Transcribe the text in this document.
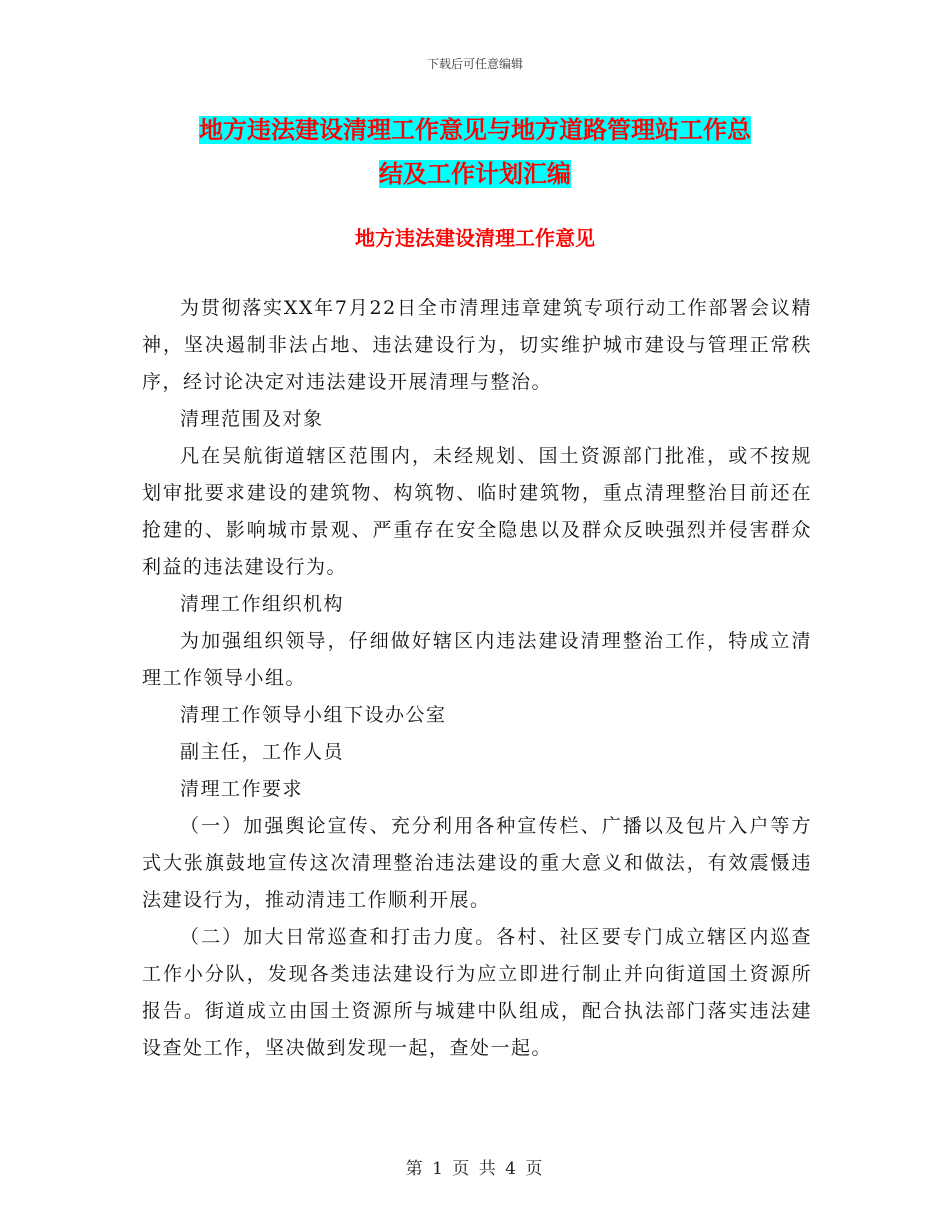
下载后可任意编辑
地方违法建设清理工作意见与地方道路管理站工作总
结及工作计划汇编
地方违法建设清理工作意见

为贯彻落实XX年7月22日全市清理违章建筑专项行动工作部署会议精神，坚决遏制非法占地、违法建设行为，切实维护城市建设与管理正常秩序，经讨论决定对违法建设开展清理与整治。

清理范围及对象

凡在吴航街道辖区范围内，未经规划、国土资源部门批准，或不按规划审批要求建设的建筑物、构筑物、临时建筑物，重点清理整治目前还在抢建的、影响城市景观、严重存在安全隐患以及群众反映强烈并侵害群众利益的违法建设行为。

清理工作组织机构

为加强组织领导，仔细做好辖区内违法建设清理整治工作，特成立清理工作领导小组。

清理工作领导小组下设办公室

副主任，工作人员

清理工作要求

（一）加强舆论宣传、充分利用各种宣传栏、广播以及包片入户等方式大张旗鼓地宣传这次清理整治违法建设的重大意义和做法，有效震慑违法建设行为，推动清违工作顺利开展。

（二）加大日常巡查和打击力度。各村、社区要专门成立辖区内巡查工作小分队，发现各类违法建设行为应立即进行制止并向街道国土资源所报告。街道成立由国土资源所与城建中队组成，配合执法部门落实违法建设查处工作，坚决做到发现一起，查处一起。

第 1 页 共 4 页
